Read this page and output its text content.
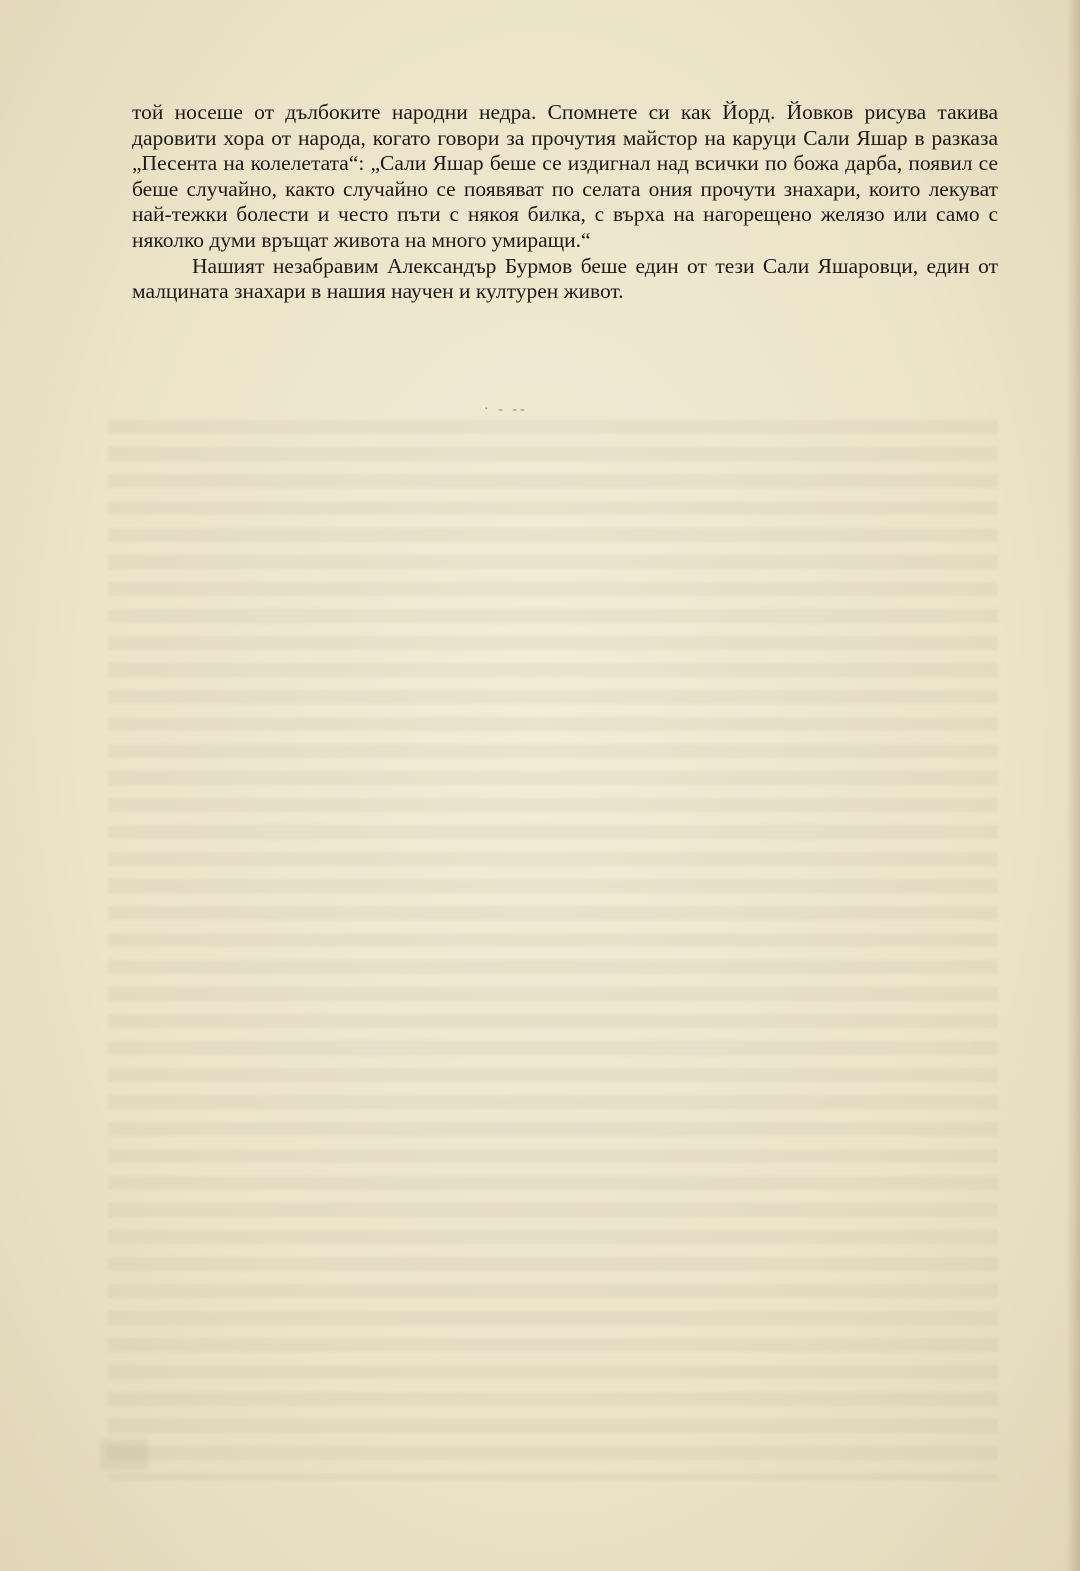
той носеше от дълбоките народни недра. Спомнете си как Йорд. Йовков рисува такива даровити хора от народа, когато говори за прочутия майстор на каруци Сали Яшар в разказа „Песента на колелетата“: „Сали Яшар беше се издигнал над всички по божа дарба, появил се беше случайно, както случайно се появяват по селата ония прочути знахари, които лекуват най-тежки болести и често пъти с някоя билка, с върха на нагорещено желязо или само с няколко думи връщат живота на много умиращи.“

Нашият незабравим Александър Бурмов беше един от тези Сали Яшаровци, един от малцината знахари в нашия научен и културен живот.

· - --
